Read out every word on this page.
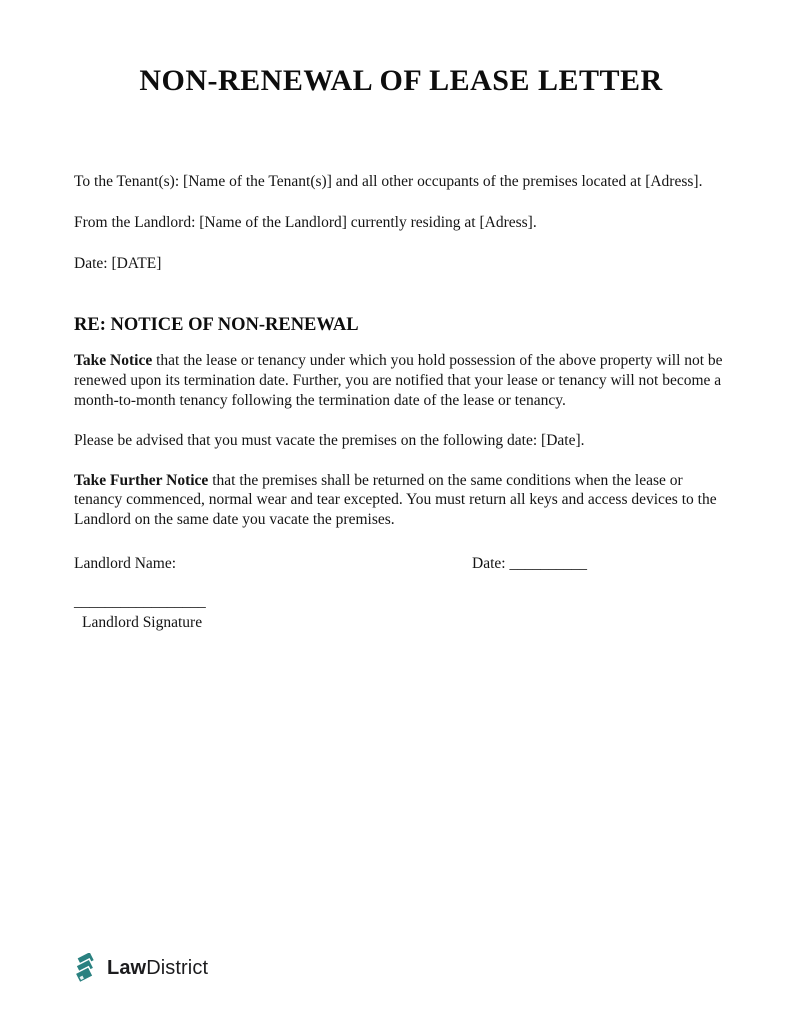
NON-RENEWAL OF LEASE LETTER

To the Tenant(s): [Name of the Tenant(s)] and all other occupants of the premises located at [Adress].

From the Landlord: [Name of the Landlord] currently residing at [Adress].

Date: [DATE]

RE: NOTICE OF NON-RENEWAL

Take Notice that the lease or tenancy under which you hold possession of the above property will not be renewed upon its termination date. Further, you are notified that your lease or tenancy will not become a month-to-month tenancy following the termination date of the lease or tenancy.

Please be advised that you must vacate the premises on the following date: [Date].

Take Further Notice that the premises shall be returned on the same conditions when the lease or tenancy commenced, normal wear and tear excepted. You must return all keys and access devices to the Landlord on the same date you vacate the premises.

Landlord Name:	Date: __________
_________________
Landlord Signature
LawDistrict
